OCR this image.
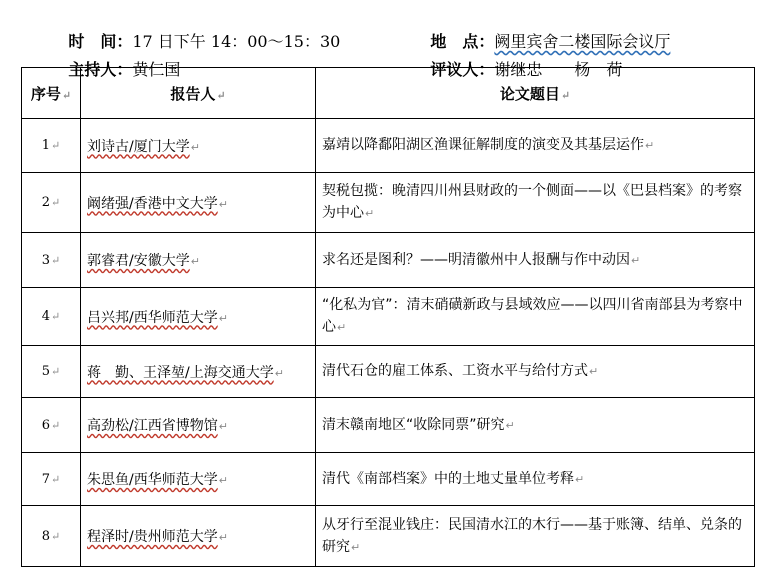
时　间：17 日下午 14：00～15：30
	地　点：阙里宾舍二楼国际会议厅

主持人：黄仁国
	评议人：谢继忠　　杨　荷

序号↵	报告人↵	论文题目↵
1↵	刘诗古/厦门大学↵	嘉靖以降鄱阳湖区渔课征解制度的演变及其基层运作↵
2↵	阚绪强/香港中文大学↵	契税包揽：晚清四川州县财政的一个侧面——以《巴县档案》的考察为中心↵
3↵	郭睿君/安徽大学↵	求名还是图利？——明清徽州中人报酬与作中动因↵
4↵	吕兴邦/西华师范大学↵	“化私为官”：清末硝磺新政与县域效应——以四川省南部县为考察中心↵
5↵	蒋　勤、王泽堃/上海交通大学↵	清代石仓的雇工体系、工资水平与给付方式↵
6↵	高劲松/江西省博物馆↵	清末赣南地区“收除同票”研究↵
7↵	朱思鱼/西华师范大学↵	清代《南部档案》中的土地丈量单位考释↵
8↵	程泽时/贵州师范大学↵	从牙行至混业钱庄：民国清水江的木行——基于账簿、结单、兑条的研究↵
